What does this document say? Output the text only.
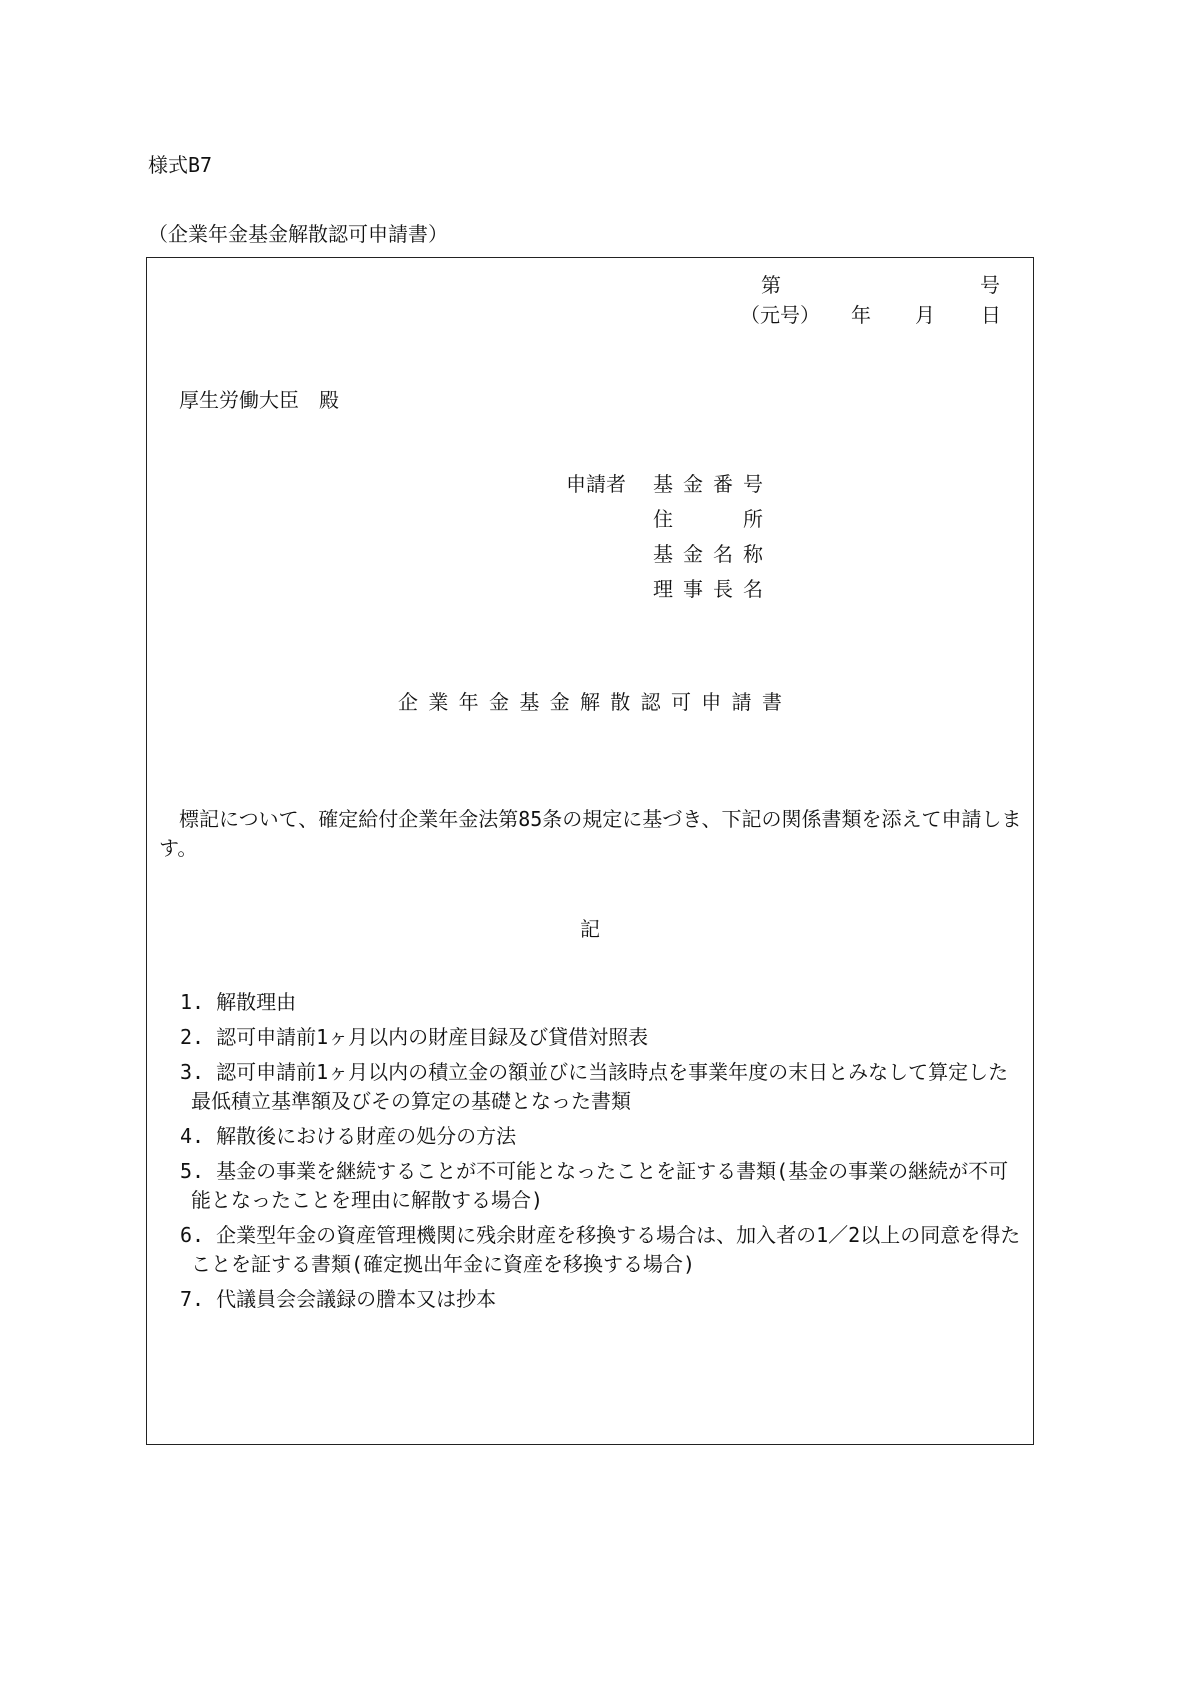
様式B7
（企業年金基金解散認可申請書）
第	号
（元号） 年 月 日
厚生労働大臣　殿
申請者 基 金 番 号
住	所
基 金 名 称
理 事 長 名
企 業 年 金 基 金 解 散 認 可 申 請 書

標記について、確定給付企業年金法第85条の規定に基づき、下記の関係書類を添えて申請します。

記
1. 解散理由
2. 認可申請前1ヶ月以内の財産目録及び貸借対照表
3. 認可申請前1ヶ月以内の積立金の額並びに当該時点を事業年度の末日とみなして算定した最低積立基準額及びその算定の基礎となった書類
4. 解散後における財産の処分の方法
5. 基金の事業を継続することが不可能となったことを証する書類(基金の事業の継続が不可能となったことを理由に解散する場合)
6. 企業型年金の資産管理機関に残余財産を移換する場合は、加入者の1／2以上の同意を得たことを証する書類(確定拠出年金に資産を移換する場合)
7. 代議員会会議録の謄本又は抄本
